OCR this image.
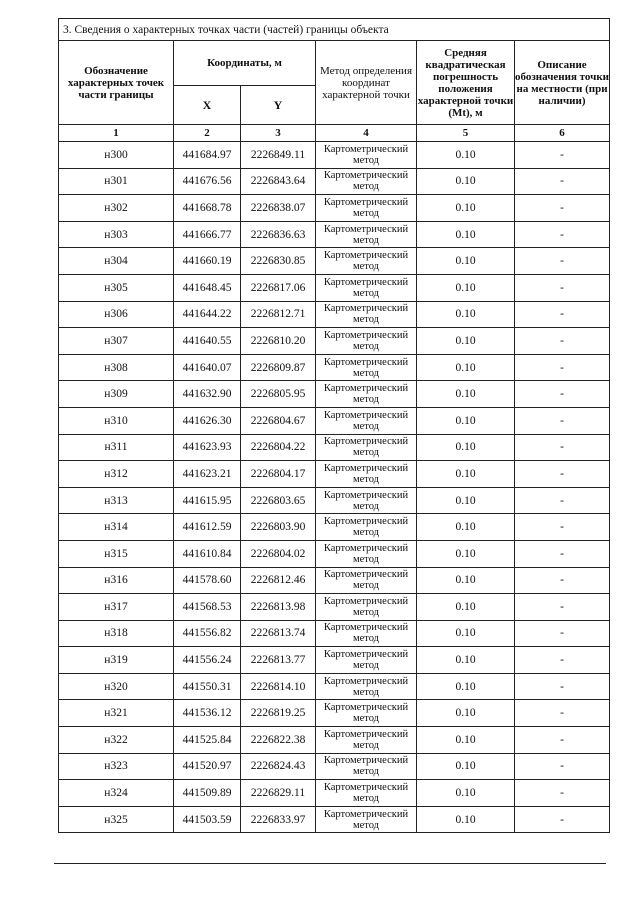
3. Сведения о характерных точках части (частей) границы объекта					
Обозначение характерных точек части границы	Координаты, м		Метод определения координат характерной точки	Средняя квадратическая погрешность положения характерной точки (Mt), м	Описание обозначения точки на местности (при наличии)
	X	Y			
1	2	3	4	5	6
н300	441684.97	2226849.11	Картометрический метод	0.10	-
н301	441676.56	2226843.64	Картометрический метод	0.10	-
н302	441668.78	2226838.07	Картометрический метод	0.10	-
н303	441666.77	2226836.63	Картометрический метод	0.10	-
н304	441660.19	2226830.85	Картометрический метод	0.10	-
н305	441648.45	2226817.06	Картометрический метод	0.10	-
н306	441644.22	2226812.71	Картометрический метод	0.10	-
н307	441640.55	2226810.20	Картометрический метод	0.10	-
н308	441640.07	2226809.87	Картометрический метод	0.10	-
н309	441632.90	2226805.95	Картометрический метод	0.10	-
н310	441626.30	2226804.67	Картометрический метод	0.10	-
н311	441623.93	2226804.22	Картометрический метод	0.10	-
н312	441623.21	2226804.17	Картометрический метод	0.10	-
н313	441615.95	2226803.65	Картометрический метод	0.10	-
н314	441612.59	2226803.90	Картометрический метод	0.10	-
н315	441610.84	2226804.02	Картометрический метод	0.10	-
н316	441578.60	2226812.46	Картометрический метод	0.10	-
н317	441568.53	2226813.98	Картометрический метод	0.10	-
н318	441556.82	2226813.74	Картометрический метод	0.10	-
н319	441556.24	2226813.77	Картометрический метод	0.10	-
н320	441550.31	2226814.10	Картометрический метод	0.10	-
н321	441536.12	2226819.25	Картометрический метод	0.10	-
н322	441525.84	2226822.38	Картометрический метод	0.10	-
н323	441520.97	2226824.43	Картометрический метод	0.10	-
н324	441509.89	2226829.11	Картометрический метод	0.10	-
н325	441503.59	2226833.97	Картометрический метод	0.10	-
